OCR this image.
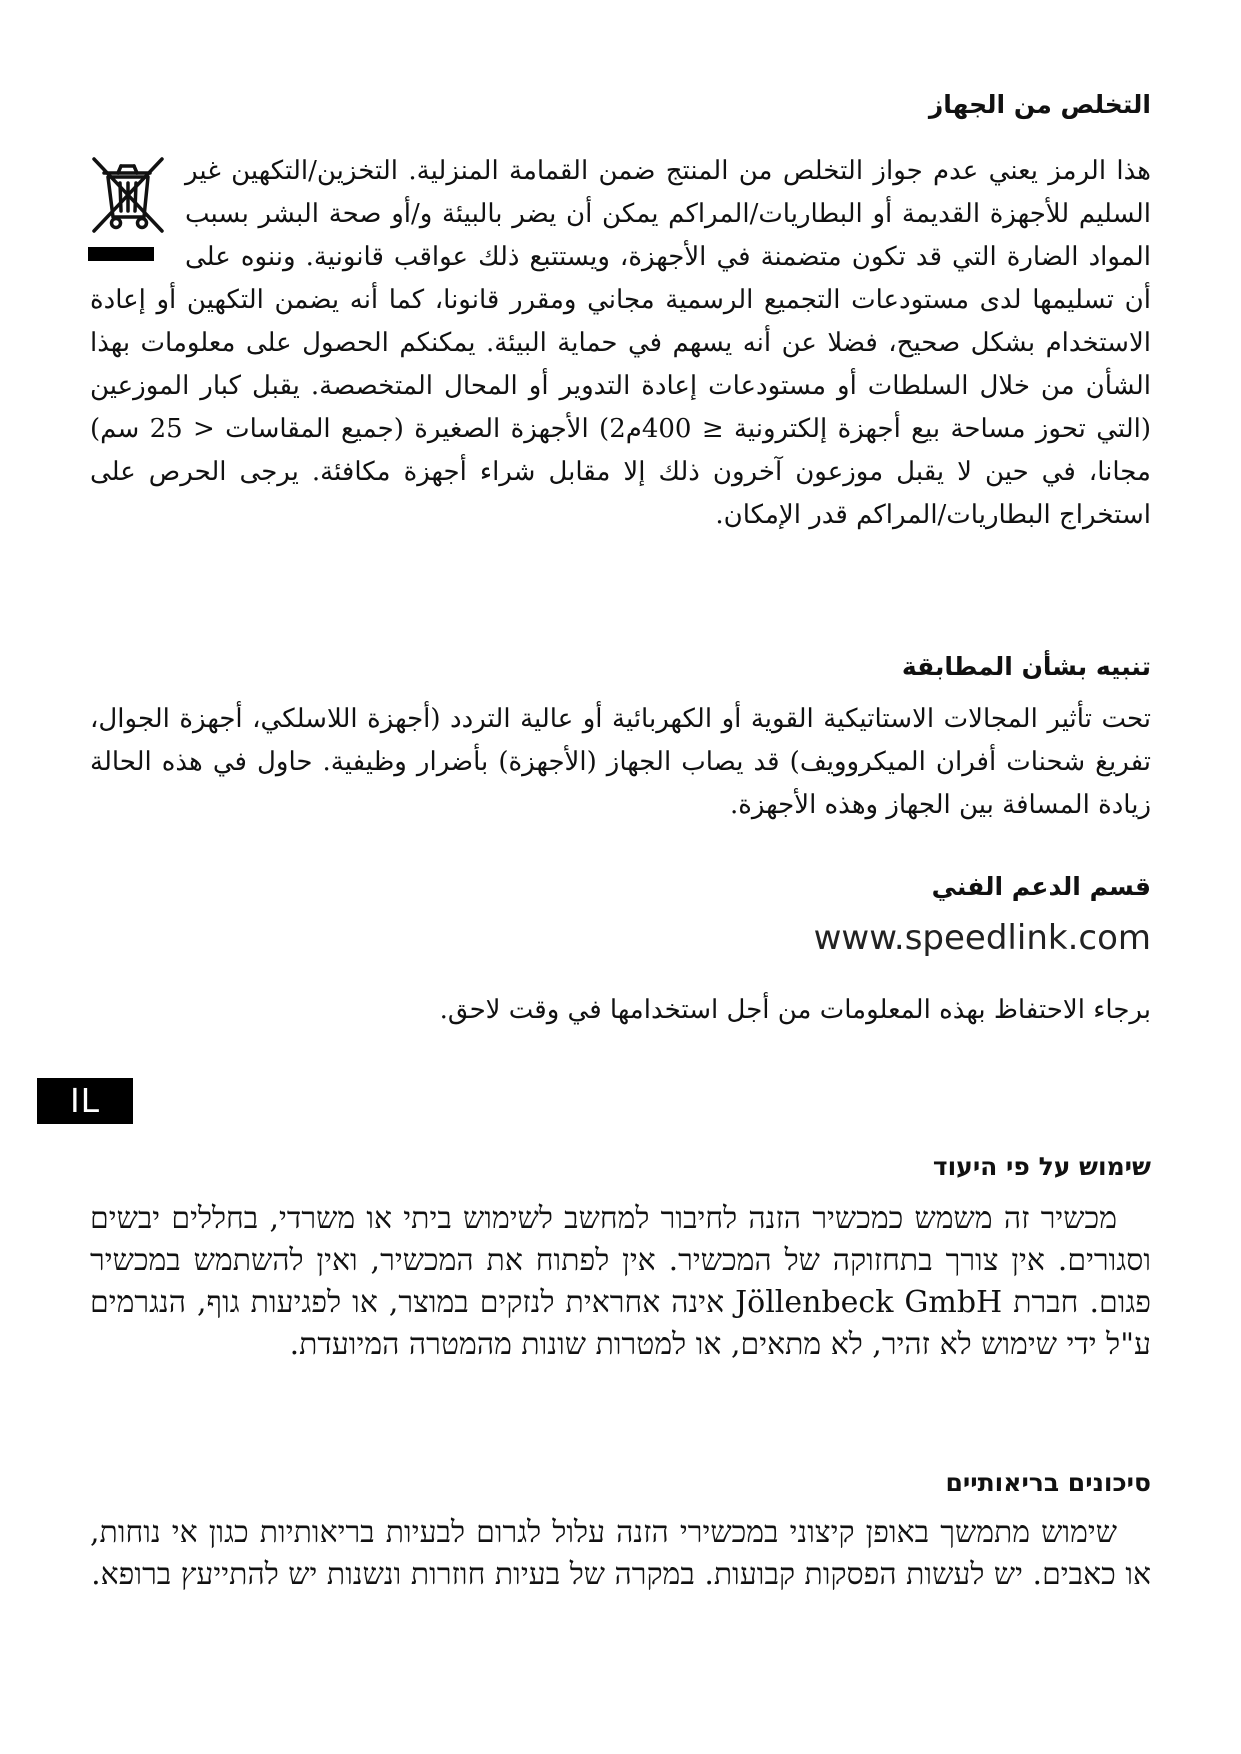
التخلص من الجهاز
هذا الرمز يعني عدم جواز التخلص من المنتج ضمن القمامة المنزلية. التخزين/التكهين غير السليم للأجهزة القديمة أو البطاريات/المراكم يمكن أن يضر بالبيئة و/أو صحة البشر بسبب المواد الضارة التي قد تكون متضمنة في الأجهزة، ويستتبع ذلك عواقب قانونية. وننوه على أن تسليمها لدى مستودعات التجميع الرسمية مجاني ومقرر قانونا، كما أنه يضمن التكهين أو إعادة الاستخدام بشكل صحيح، فضلا عن أنه يسهم في حماية البيئة. يمكنكم الحصول على معلومات بهذا الشأن من خلال السلطات أو مستودعات إعادة التدوير أو المحال المتخصصة. يقبل كبار الموزعين (التي تحوز مساحة بيع أجهزة إلكترونية ≤ 400م2) الأجهزة الصغيرة (جميع المقاسات < 25 سم) مجانا، في حين لا يقبل موزعون آخرون ذلك إلا مقابل شراء أجهزة مكافئة. يرجى الحرص على استخراج البطاريات/المراكم قدر الإمكان.
تنبيه بشأن المطابقة
تحت تأثير المجالات الاستاتيكية القوية أو الكهربائية أو عالية التردد (أجهزة اللاسلكي، أجهزة الجوال، تفريغ شحنات أفران الميكروويف) قد يصاب الجهاز (الأجهزة) بأضرار وظيفية. حاول في هذه الحالة زيادة المسافة بين الجهاز وهذه الأجهزة.
قسم الدعم الفني
www.speedlink.com
برجاء الاحتفاظ بهذه المعلومات من أجل استخدامها في وقت لاحق.
IL
שימוש על פי היעוד
מכשיר זה משמש כמכשיר הזנה לחיבור למחשב לשימוש ביתי או משרדי, בחללים יבשים וסגורים. אין צורך בתחזוקה של המכשיר. אין לפתוח את המכשיר, ואין להשתמש במכשיר פגום. חברת Jöllenbeck GmbH אינה אחראית לנזקים במוצר, או לפגיעות גוף, הנגרמים ע"ל ידי שימוש לא זהיר, לא מתאים, או למטרות שונות מהמטרה המיועדת.
סיכונים בריאותיים
שימוש מתמשך באופן קיצוני במכשירי הזנה עלול לגרום לבעיות בריאותיות כגון אי נוחות, או כאבים. יש לעשות הפסקות קבועות. במקרה של בעיות חוזרות ונשנות יש להתייעץ ברופא.
